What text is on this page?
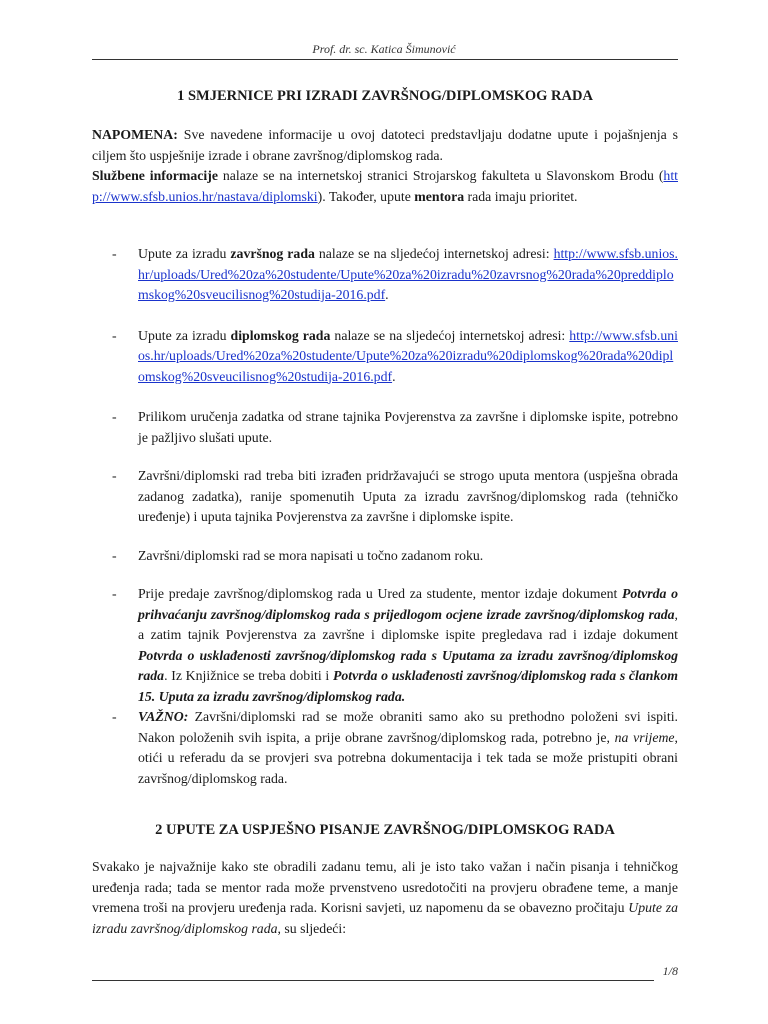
Prof. dr. sc. Katica Šimunović
1 SMJERNICE PRI IZRADI ZAVRŠNOG/DIPLOMSKOG RADA
NAPOMENA: Sve navedene informacije u ovoj datoteci predstavljaju dodatne upute i pojašnjenja s ciljem što uspješnije izrade i obrane završnog/diplomskog rada.
Službene informacije nalaze se na internetskoj stranici Strojarskog fakulteta u Slavonskom Brodu (http://www.sfsb.unios.hr/nastava/diplomski). Također, upute mentora rada imaju prioritet.
- Upute za izradu završnog rada nalaze se na sljedećoj internetskoj adresi: http://www.sfsb.unios.hr/uploads/Ured%20za%20studente/Upute%20za%20izradu%20zavrsnog%20rada%20preddiplomskog%20sveucilisnog%20studija-2016.pdf.
- Upute za izradu diplomskog rada nalaze se na sljedećoj internetskoj adresi: http://www.sfsb.unios.hr/uploads/Ured%20za%20studente/Upute%20za%20izradu%20diplomskog%20rada%20diplomskog%20sveucilisnog%20studija-2016.pdf.
- Prilikom uručenja zadatka od strane tajnika Povjerenstva za završne i diplomske ispite, potrebno je pažljivo slušati upute.
- Završni/diplomski rad treba biti izrađen pridržavajući se strogo uputa mentora (uspješna obrada zadanog zadatka), ranije spomenutih Uputa za izradu završnog/diplomskog rada (tehničko uređenje) i uputa tajnika Povjerenstva za završne i diplomske ispite.
- Završni/diplomski rad se mora napisati u točno zadanom roku.
- Prije predaje završnog/diplomskog rada u Ured za studente, mentor izdaje dokument Potvrda o prihvaćanju završnog/diplomskog rada s prijedlogom ocjene izrade završnog/diplomskog rada, a zatim tajnik Povjerenstva za završne i diplomske ispite pregledava rad i izdaje dokument Potvrda o usklađenosti završnog/diplomskog rada s Uputama za izradu završnog/diplomskog rada. Iz Knjižnice se treba dobiti i Potvrda o usklađenosti završnog/diplomskog rada s člankom 15. Uputa za izradu završnog/diplomskog rada.
- VAŽNO: Završni/diplomski rad se može obraniti samo ako su prethodno položeni svi ispiti. Nakon položenih svih ispita, a prije obrane završnog/diplomskog rada, potrebno je, na vrijeme, otići u referadu da se provjeri sva potrebna dokumentacija i tek tada se može pristupiti obrani završnog/diplomskog rada.
2 UPUTE ZA USPJEŠNO PISANJE ZAVRŠNOG/DIPLOMSKOG RADA
Svakako je najvažnije kako ste obradili zadanu temu, ali je isto tako važan i način pisanja i tehničkog uređenja rada; tada se mentor rada može prvenstveno usredotočiti na provjeru obrađene teme, a manje vremena troši na provjeru uređenja rada. Korisni savjeti, uz napomenu da se obavezno pročitaju Upute za izradu završnog/diplomskog rada, su sljedeći:
1/8
